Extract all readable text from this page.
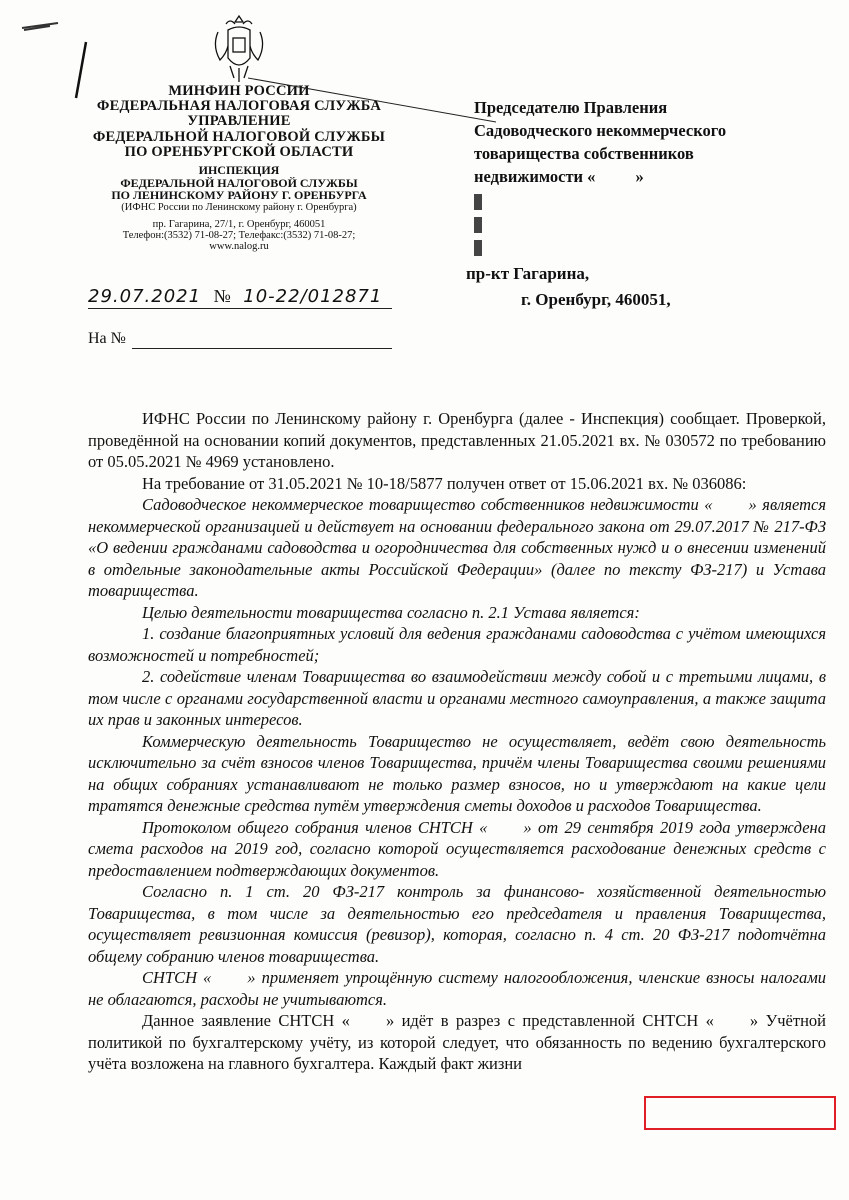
МИНФИН РОССИИ
ФЕДЕРАЛЬНАЯ НАЛОГОВАЯ СЛУЖБА
УПРАВЛЕНИЕ
ФЕДЕРАЛЬНОЙ НАЛОГОВОЙ СЛУЖБЫ
ПО ОРЕНБУРГСКОЙ ОБЛАСТИ
ИНСПЕКЦИЯ
ФЕДЕРАЛЬНОЙ НАЛОГОВОЙ СЛУЖБЫ
ПО ЛЕНИНСКОМУ РАЙОНУ Г. ОРЕНБУРГА
(ИФНС России по Ленинскому району г. Оренбурга)
пр. Гагарина, 27/1, г. Оренбург, 460051
Телефон:(3532) 71-08-27; Телефакс:(3532) 71-08-27;
www.nalog.ru
29.07.2021 № 10-22/012871
На №
Председателю Правления
Садоводческого некоммерческого
товарищества собственников
недвижимости « »
пр-кт Гагарина,
г. Оренбург, 460051,

ИФНС России по Ленинскому району г. Оренбурга (далее - Инспекция) сообщает. Проверкой, проведённой на основании копий документов, представленных 21.05.2021 вх. № 030572 по требованию от 05.05.2021 № 4969 установлено.

На требование от 31.05.2021 № 10-18/5877 получен ответ от 15.06.2021 вх. № 036086:

Садоводческое некоммерческое товарищество собственников недвижимости « » является некоммерческой организацией и действует на основании федерального закона от 29.07.2017 № 217-ФЗ «О ведении гражданами садоводства и огородничества для собственных нужд и о внесении изменений в отдельные законодательные акты Российской Федерации» (далее по тексту ФЗ-217) и Устава товарищества.

Целью деятельности товарищества согласно п. 2.1 Устава является:

1. создание благоприятных условий для ведения гражданами садоводства с учётом имеющихся возможностей и потребностей;

2. содействие членам Товарищества во взаимодействии между собой и с третьими лицами, в том числе с органами государственной власти и органами местного самоуправления, а также защита их прав и законных интересов.

Коммерческую деятельность Товарищество не осуществляет, ведёт свою деятельность исключительно за счёт взносов членов Товарищества, причём члены Товарищества своими решениями на общих собраниях устанавливают не только размер взносов, но и утверждают на какие цели тратятся денежные средства путём утверждения сметы доходов и расходов Товарищества.

Протоколом общего собрания членов СНТСН « » от 29 сентября 2019 года утверждена смета расходов на 2019 год, согласно которой осуществляется расходование денежных средств с предоставлением подтверждающих документов.

Согласно п. 1 ст. 20 ФЗ-217 контроль за финансово- хозяйственной деятельностью Товарищества, в том числе за деятельностью его председателя и правления Товарищества, осуществляет ревизионная комиссия (ревизор), которая, согласно п. 4 ст. 20 ФЗ-217 подотчётна общему собранию членов товарищества.

СНТСН « » применяет упрощённую систему налогообложения, членские взносы налогами не облагаются, расходы не учитываются.

Данное заявление СНТСН « » идёт в разрез с представленной СНТСН « » Учётной политикой по бухгалтерскому учёту, из которой следует, что обязанность по ведению бухгалтерского учёта возложена на главного бухгалтера. Каждый факт жизни
